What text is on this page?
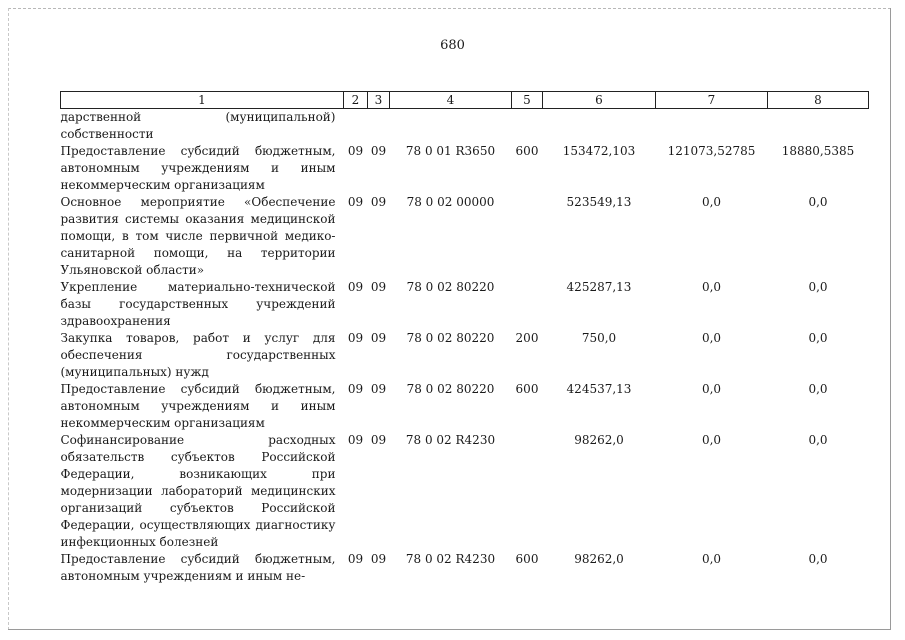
680
1	2	3	4	5	6	7	8
дарственной (муниципальной) собственности							
Предоставление субсидий бюджетным, автономным учреждениям и иным некоммерческим организациям	09	09	78 0 01 R3650	600	153472,103	121073,52785	18880,5385
Основное мероприятие «Обеспечение развития системы оказания медицинской помощи, в том числе первичной медико-санитарной помощи, на территории Ульяновской области»	09	09	78 0 02 00000		523549,13	0,0	0,0
Укрепление материально-технической базы государственных учреждений здравоохранения	09	09	78 0 02 80220		425287,13	0,0	0,0
Закупка товаров, работ и услуг для обеспечения государственных (муниципальных) нужд	09	09	78 0 02 80220	200	750,0	0,0	0,0
Предоставление субсидий бюджетным, автономным учреждениям и иным некоммерческим организациям	09	09	78 0 02 80220	600	424537,13	0,0	0,0
Софинансирование расходных обязательств субъектов Российской Федерации, возникающих при модернизации лабораторий медицинских организаций субъектов Российской Федерации, осуществляющих диагностику инфекционных болезней	09	09	78 0 02 R4230		98262,0	0,0	0,0
Предоставление субсидий бюджетным, автономным учреждениям и иным не-	09	09	78 0 02 R4230	600	98262,0	0,0	0,0
